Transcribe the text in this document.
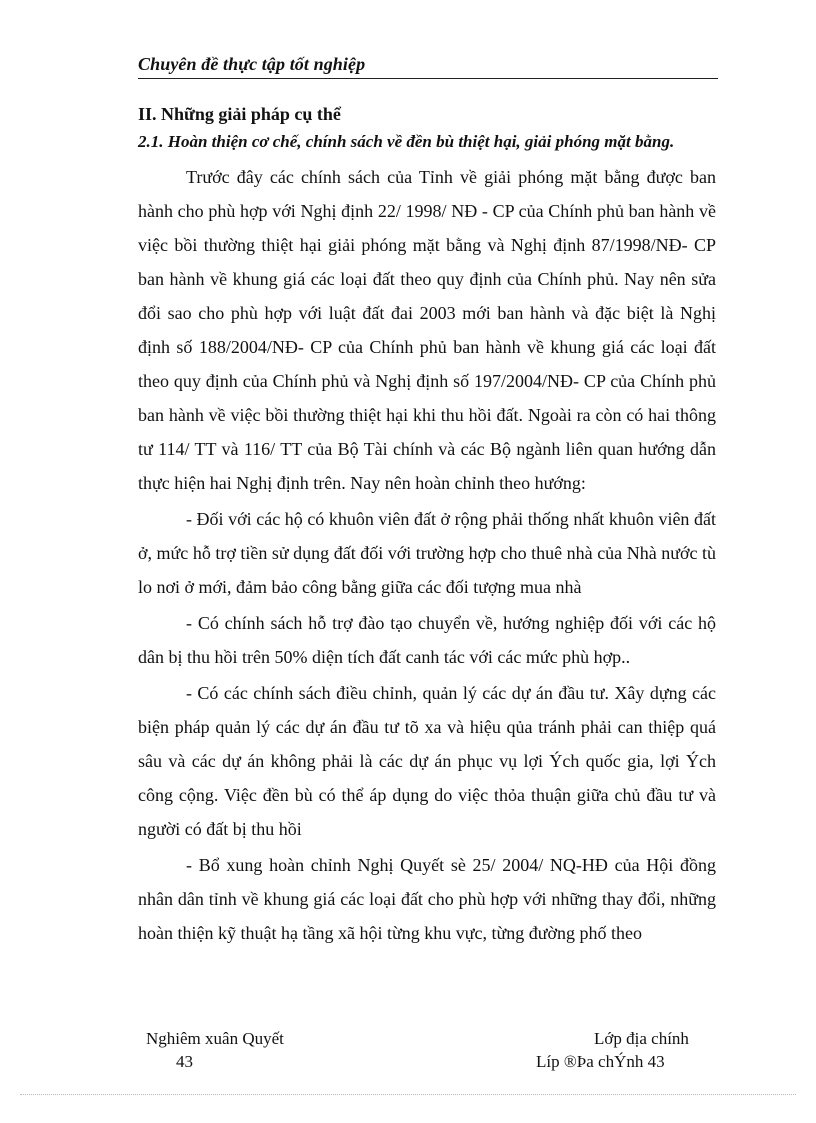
Chuyên đề thực tập tốt nghiệp

II. Những giải pháp cụ thể

2.1. Hoàn thiện cơ chế, chính sách về đền bù thiệt hại, giải phóng mặt bằng.

Trước đây các chính sách của Tỉnh về giải phóng mặt bằng được ban hành cho phù hợp với Nghị định 22/ 1998/ NĐ - CP của Chính phủ ban hành về việc bồi thường thiệt hại giải phóng mặt bằng và Nghị định 87/1998/NĐ- CP ban hành về khung giá các loại đất theo quy định của Chính phủ. Nay nên sửa đổi sao cho phù hợp với luật đất đai 2003 mới ban hành và đặc biệt là Nghị định số 188/2004/NĐ- CP của Chính phủ ban hành về khung giá các loại đất theo quy định của Chính phủ và Nghị định số 197/2004/NĐ- CP của Chính phủ ban hành về việc bồi thường thiệt hại khi thu hồi đất. Ngoài ra còn có hai thông tư 114/ TT và 116/ TT của Bộ Tài chính và các Bộ ngành liên quan hướng dẫn thực hiện hai Nghị định trên. Nay nên hoàn chỉnh theo hướng:

- Đối với các hộ có khuôn viên đất ở rộng phải thống nhất khuôn viên đất ở, mức hỗ trợ tiền sử dụng đất đối với trường hợp cho thuê nhà của Nhà nước tù lo nơi ở mới, đảm bảo công bằng giữa các đối tượng mua nhà

- Có chính sách hỗ trợ đào tạo chuyển về, hướng nghiệp đối với các hộ dân bị thu hồi trên 50% diện tích đất canh tác với các mức phù hợp..

- Có các chính sách điều chỉnh, quản lý các dự án đầu tư. Xây dựng các biện pháp quản lý các dự án đầu tư tõ xa và hiệu qủa tránh phải can thiệp quá sâu và các dự án không phải là các dự án phục vụ lợi Ých quốc gia, lợi Ých công cộng. Việc đền bù có thể áp dụng do việc thỏa thuận giữa chủ đầu tư và người có đất bị thu hồi

- Bổ xung hoàn chỉnh Nghị Quyết sè 25/ 2004/ NQ-HĐ của Hội đồng nhân dân tỉnh về khung giá các loại đất cho phù hợp với những thay đổi, những hoàn thiện kỹ thuật hạ tầng xã hội từng khu vực, từng đường phố theo

Nghiêm xuân Quyết
43
Lớp địa chính
Líp ®Þa chÝnh 43
